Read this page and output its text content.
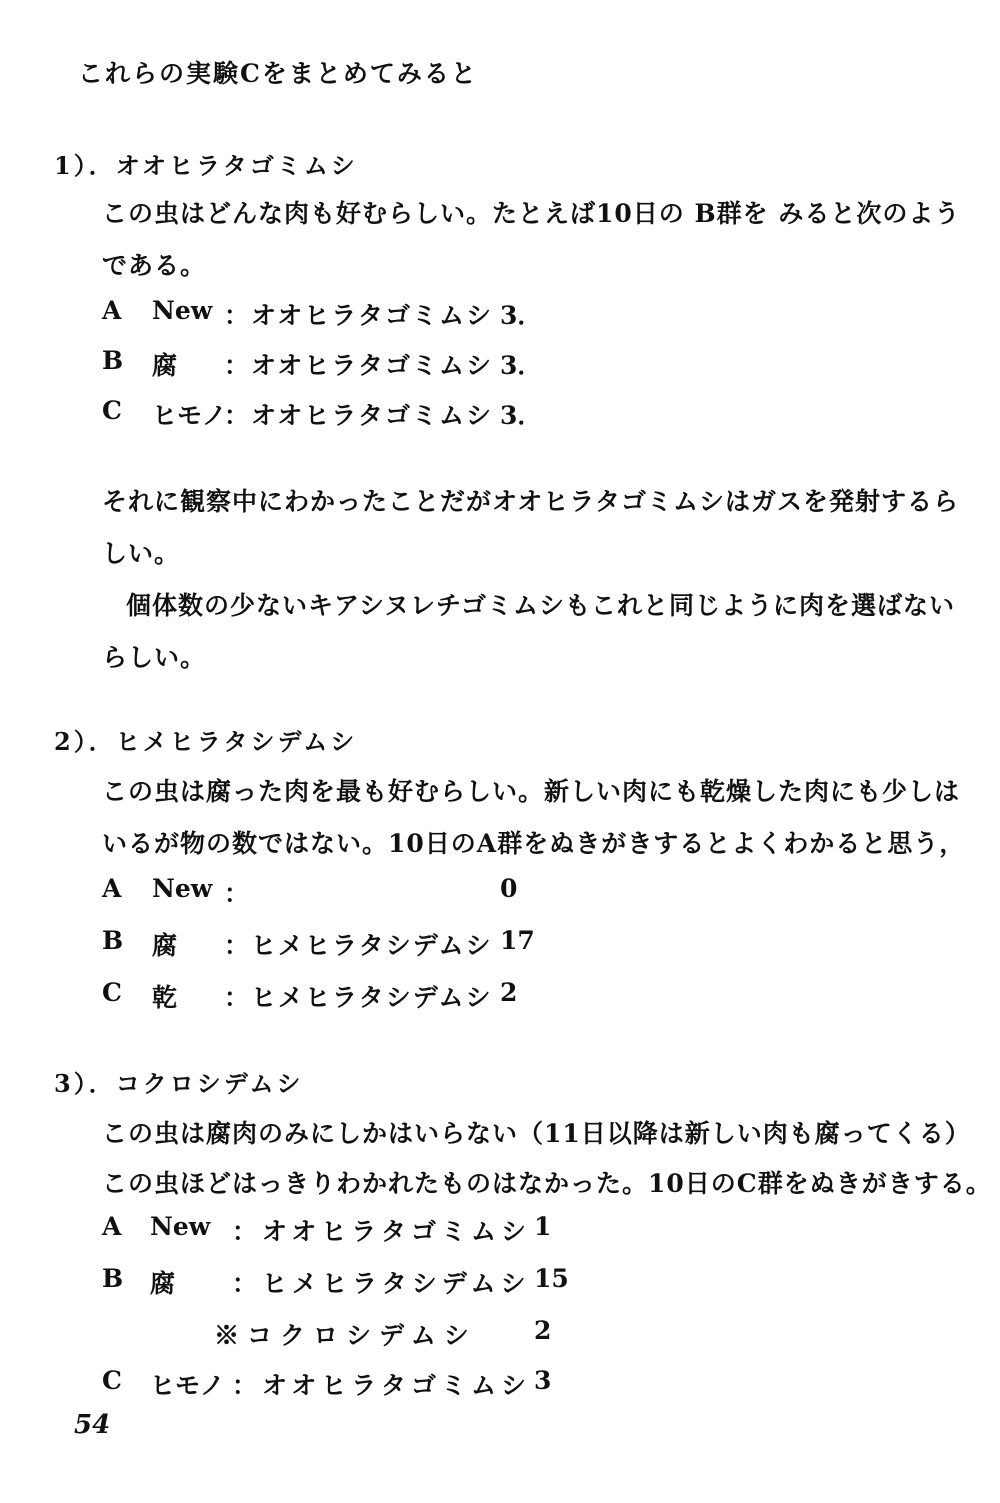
これらの実験Cをまとめてみると
1）．オオヒラタゴミムシ
この虫はどんな肉も好むらしい。たとえば10日の B群を みると次のよう
である。
A New ：オオヒラタゴミムシ 3．
B 腐 ：オオヒラタゴミムシ 3．
C ヒモノ
：オオヒラタゴミムシ 3．
それに観察中にわかったことだがオオヒラタゴミムシはガスを発射するら
しい。
個体数の少ないキアシヌレチゴミムシもこれと同じように肉を選ばない
らしい。
2）．ヒメヒラタシデムシ
この虫は腐った肉を最も好むらしい。新しい肉にも乾燥した肉にも少しは
いるが物の数ではない。10日のA群をぬきがきするとよくわかると思う，
A New ：	0
B 腐 ：ヒメヒラタシデムシ 17
C 乾 ：ヒメヒラタシデムシ 2
3）．コクロシデムシ
この虫は腐肉のみにしかはいらない（11日以降は新しい肉も腐ってくる）
この虫ほどはっきりわかれたものはなかった。10日のC群をぬきがきする。
A New ：オオヒラタゴミムシ 1
B 腐 ：ヒメヒラタシデムシ 15
※コクロシデムシ 2
C ヒモノ ：オオヒラタゴミムシ 3
54
